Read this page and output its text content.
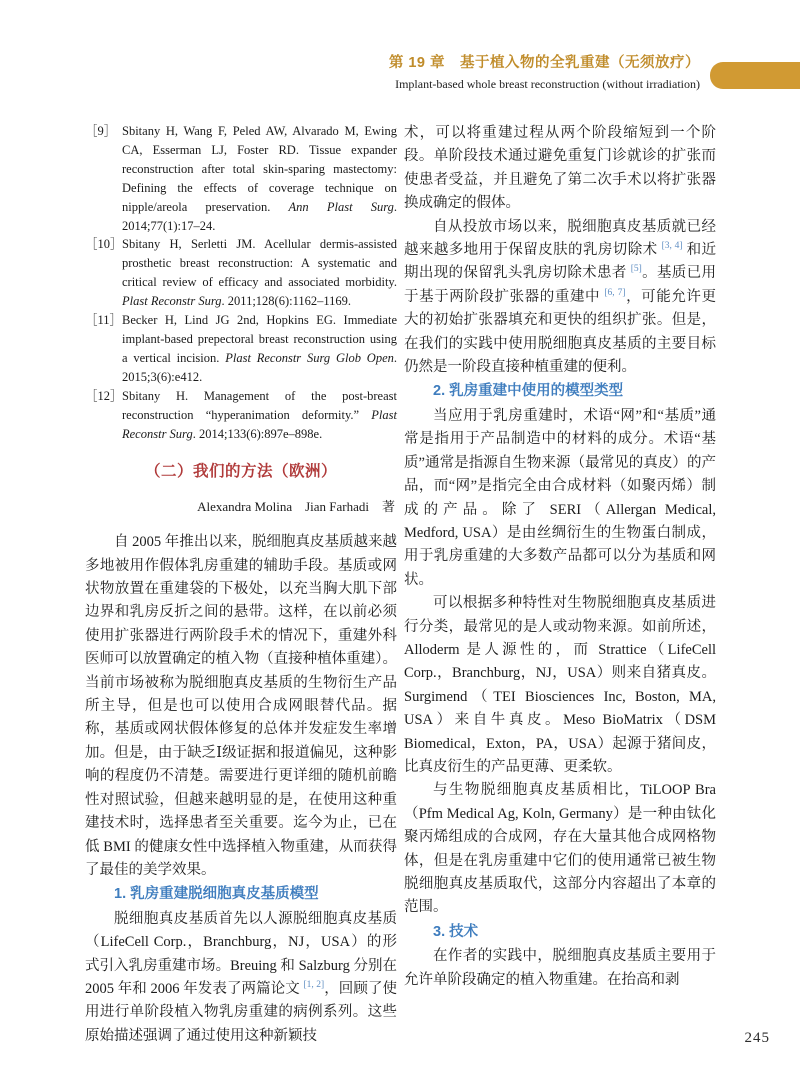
第 19 章　基于植入物的全乳重建（无须放疗）
Implant-based whole breast reconstruction (without irradiation)

［9］ Sbitany H, Wang F, Peled AW, Alvarado M, Ewing CA, Esserman LJ, Foster RD. Tissue expander reconstruction after total skin-sparing mastectomy: Defining the effects of coverage technique on nipple/areola preservation. Ann Plast Surg. 2014;77(1):17–24.

［10］Sbitany H, Serletti JM. Acellular dermis-assisted prosthetic breast reconstruction: A systematic and critical review of efficacy and associated morbidity. Plast Reconstr Surg. 2011;128(6):1162–1169.

［11］Becker H, Lind JG 2nd, Hopkins EG. Immediate implant-based prepectoral breast reconstruction using a vertical incision. Plast Reconstr Surg Glob Open. 2015;3(6):e412.

［12］Sbitany H. Management of the post-breast reconstruction “hyperanimation deformity.” Plast Reconstr Surg. 2014;133(6):897e–898e.

（二）我们的方法（欧洲）
Alexandra Molina　Jian Farhadi　著

自 2005 年推出以来，脱细胞真皮基质越来越多地被用作假体乳房重建的辅助手段。基质或网状物放置在重建袋的下极处，以充当胸大肌下部边界和乳房反折之间的悬带。这样，在以前必须使用扩张器进行两阶段手术的情况下，重建外科医师可以放置确定的植入物（直接种植体重建）。当前市场被称为脱细胞真皮基质的生物衍生产品所主导，但是也可以使用合成网眼替代品。据称，基质或网状假体修复的总体并发症发生率增加。但是，由于缺乏Ⅰ级证据和报道偏见，这种影响的程度仍不清楚。需要进行更详细的随机前瞻性对照试验，但越来越明显的是，在使用这种重建技术时，选择患者至关重要。迄今为止，已在低 BMI 的健康女性中选择植入物重建，从而获得了最佳的美学效果。

1. 乳房重建脱细胞真皮基质模型

脱细胞真皮基质首先以人源脱细胞真皮基质（LifeCell Corp.，Branchburg，NJ，USA）的形式引入乳房重建市场。Breuing 和 Salzburg 分别在 2005 年和 2006 年发表了两篇论文 [1, 2]，回顾了使用进行单阶段植入物乳房重建的病例系列。这些原始描述强调了通过使用这种新颖技

术，可以将重建过程从两个阶段缩短到一个阶段。单阶段技术通过避免重复门诊就诊的扩张而使患者受益，并且避免了第二次手术以将扩张器换成确定的假体。

自从投放市场以来，脱细胞真皮基质就已经越来越多地用于保留皮肤的乳房切除术 [3, 4] 和近期出现的保留乳头乳房切除术患者 [5]。基质已用于基于两阶段扩张器的重建中 [6, 7]，可能允许更大的初始扩张器填充和更快的组织扩张。但是，在我们的实践中使用脱细胞真皮基质的主要目标仍然是一阶段直接种植重建的便利。

2. 乳房重建中使用的模型类型

当应用于乳房重建时，术语“网”和“基质”通常是指用于产品制造中的材料的成分。术语“基质”通常是指源自生物来源（最常见的真皮）的产品，而“网”是指完全由合成材料（如聚丙烯）制成的产品。除了 SERI（Allergan Medical, Medford, USA）是由丝绸衍生的生物蛋白制成，用于乳房重建的大多数产品都可以分为基质和网状。

可以根据多种特性对生物脱细胞真皮基质进行分类，最常见的是人或动物来源。如前所述，Alloderm 是人源性的，而 Strattice（LifeCell Corp.，Branchburg，NJ，USA）则来自猪真皮。Surgimend（TEI Biosciences Inc, Boston, MA, USA）来自牛真皮。Meso BioMatrix（DSM Biomedical，Exton，PA，USA）起源于猪间皮，比真皮衍生的产品更薄、更柔软。

与生物脱细胞真皮基质相比，TiLOOP Bra（Pfm Medical Ag, Koln, Germany）是一种由钛化聚丙烯组成的合成网，存在大量其他合成网格物体，但是在乳房重建中它们的使用通常已被生物脱细胞真皮基质取代，这部分内容超出了本章的范围。

3. 技术

在作者的实践中，脱细胞真皮基质主要用于允许单阶段确定的植入物重建。在抬高和剥

245
